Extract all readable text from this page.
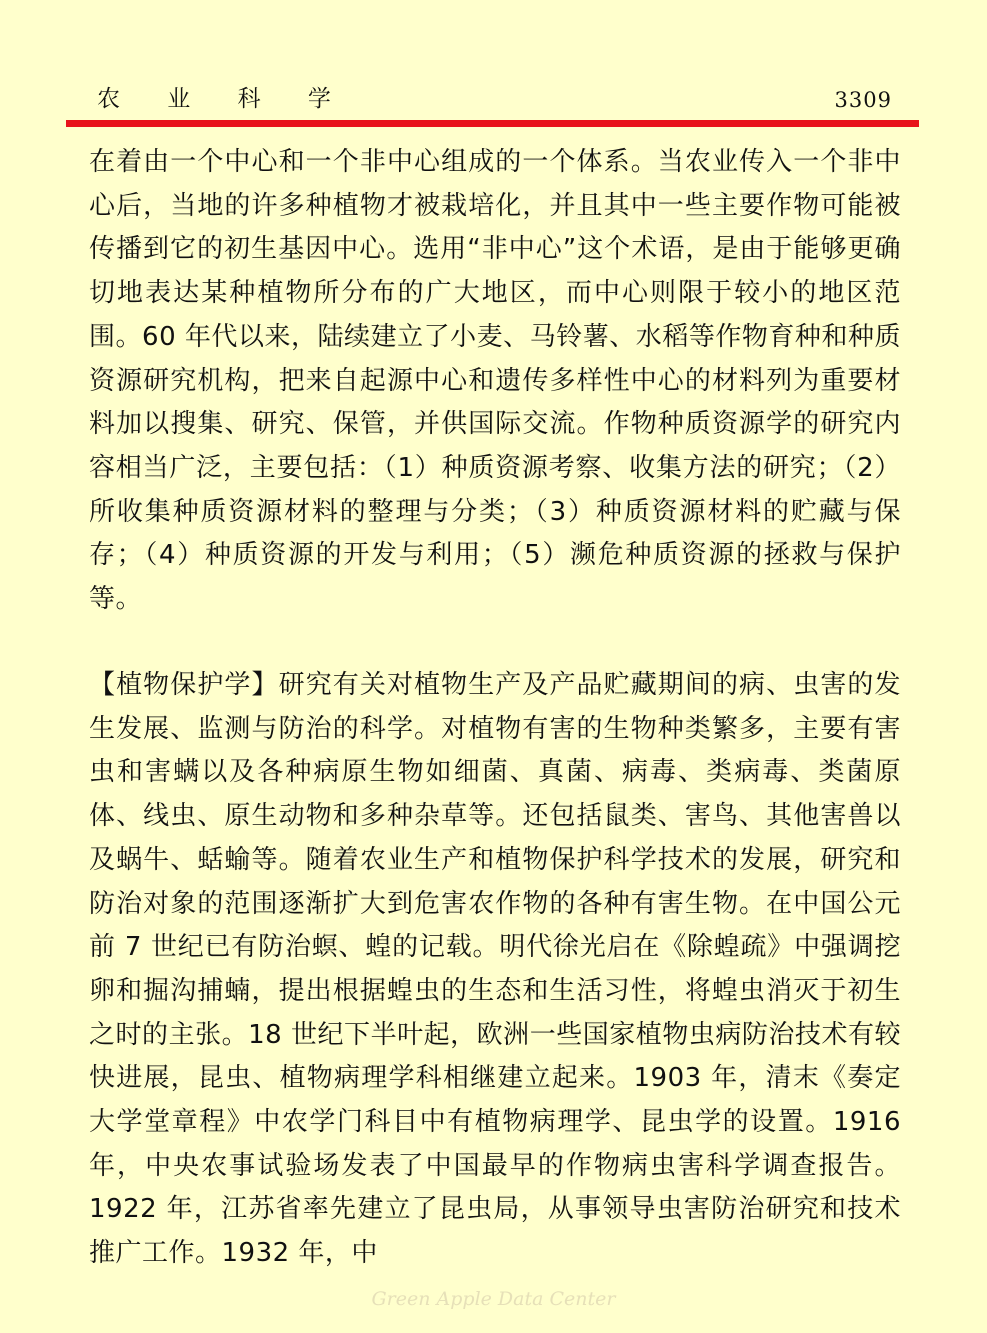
农 业 科 学	3309

在着由一个中心和一个非中心组成的一个体系。当农业传入一个非中心后，当地的许多种植物才被栽培化，并且其中一些主要作物可能被传播到它的初生基因中心。选用“非中心”这个术语，是由于能够更确切地表达某种植物所分布的广大地区，而中心则限于较小的地区范围。60 年代以来，陆续建立了小麦、马铃薯、水稻等作物育种和种质资源研究机构，把来自起源中心和遗传多样性中心的材料列为重要材料加以搜集、研究、保管，并供国际交流。作物种质资源学的研究内容相当广泛，主要包括：（1）种质资源考察、收集方法的研究；（2）所收集种质资源材料的整理与分类；（3）种质资源材料的贮藏与保存；（4）种质资源的开发与利用；（5）濒危种质资源的拯救与保护等。

【植物保护学】研究有关对植物生产及产品贮藏期间的病、虫害的发生发展、监测与防治的科学。对植物有害的生物种类繁多，主要有害虫和害螨以及各种病原生物如细菌、真菌、病毒、类病毒、类菌原体、线虫、原生动物和多种杂草等。还包括鼠类、害鸟、其他害兽以及蜗牛、蛞蝓等。随着农业生产和植物保护科学技术的发展，研究和防治对象的范围逐渐扩大到危害农作物的各种有害生物。在中国公元前 7 世纪已有防治螟、蝗的记载。明代徐光启在《除蝗疏》中强调挖卵和掘沟捕蝻，提出根据蝗虫的生态和生活习性，将蝗虫消灭于初生之时的主张。18 世纪下半叶起，欧洲一些国家植物虫病防治技术有较快进展，昆虫、植物病理学科相继建立起来。1903 年，清末《奏定大学堂章程》中农学门科目中有植物病理学、昆虫学的设置。1916 年，中央农事试验场发表了中国最早的作物病虫害科学调查报告。1922 年，江苏省率先建立了昆虫局，从事领导虫害防治研究和技术推广工作。1932 年，中

Green Apple Data Center
